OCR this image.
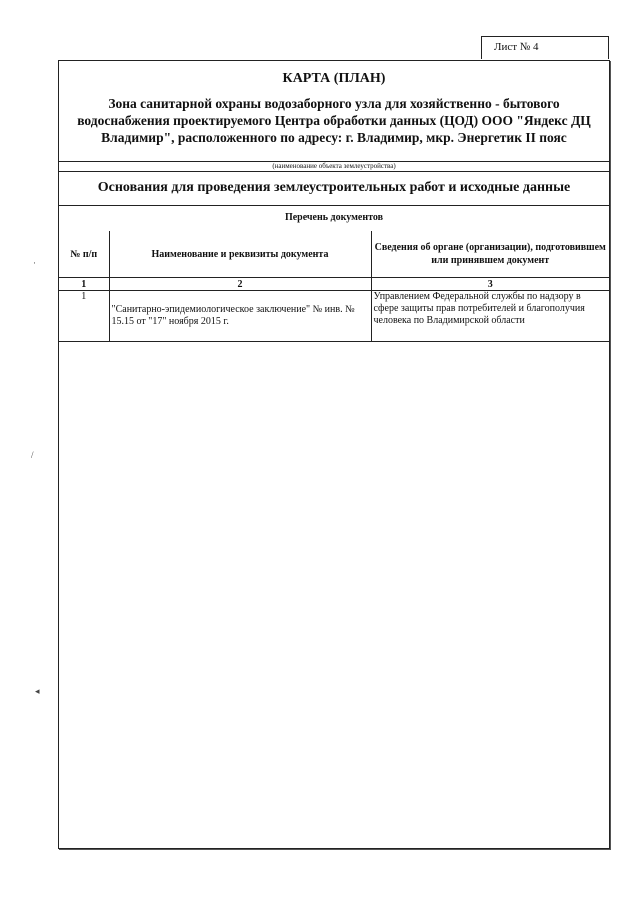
Лист № 4
КАРТА (ПЛАН)
Зона санитарной охраны водозаборного узла для хозяйственно - бытового водоснабжения проектируемого Центра обработки данных (ЦОД) ООО "Яндекс ДЦ Владимир", расположенного по адресу: г. Владимир, мкр. Энергетик II пояс
(наименование объекта землеустройства)
Основания для проведения землеустроительных работ и исходные данные
Перечень документов
№ п/п	Наименование и реквизиты документа	Сведения об органе (организации), подготовившем или принявшем документ
1	2	3
1	"Санитарно-эпидемиологическое заключение" № инв. № 15.15 от "17" ноября 2015 г.	Управлением Федеральной службы по надзору в сфере защиты прав потребителей и благополучия человека по Владимирской области
·
/
◂
